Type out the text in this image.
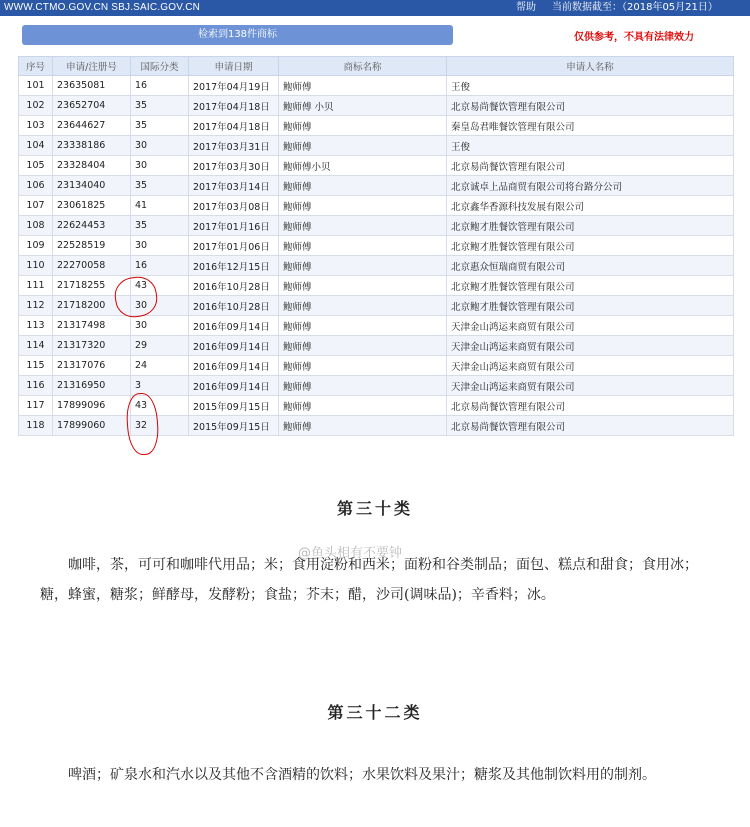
WWW.CTMO.GOV.CN SBJ.SAIC.GOV.CN	帮助 当前数据截至：（2018年05月21日）
检索到138件商标	仅供参考，不具有法律效力
序号	申请/注册号	国际分类	申请日期	商标名称	申请人名称
101	23635081	16	2017年04月19日	鲍师傅	王俊
102	23652704	35	2017年04月18日	鲍师傅 小贝	北京易尚餐饮管理有限公司
103	23644627	35	2017年04月18日	鲍师傅	秦皇岛君唯餐饮管理有限公司
104	23338186	30	2017年03月31日	鲍师傅	王俊
105	23328404	30	2017年03月30日	鲍师傅小贝	北京易尚餐饮管理有限公司
106	23134040	35	2017年03月14日	鲍师傅	北京诚卓上品商贸有限公司将台路分公司
107	23061825	41	2017年03月08日	鲍师傅	北京鑫华香源科技发展有限公司
108	22624453	35	2017年01月16日	鲍师傅	北京鲍才胜餐饮管理有限公司
109	22528519	30	2017年01月06日	鲍师傅	北京鲍才胜餐饮管理有限公司
110	22270058	16	2016年12月15日	鲍师傅	北京惠众恒瑞商贸有限公司
111	21718255	43	2016年10月28日	鲍师傅	北京鲍才胜餐饮管理有限公司
112	21718200	30	2016年10月28日	鲍师傅	北京鲍才胜餐饮管理有限公司
113	21317498	30	2016年09月14日	鲍师傅	天津金山鸿运来商贸有限公司
114	21317320	29	2016年09月14日	鲍师傅	天津金山鸿运来商贸有限公司
115	21317076	24	2016年09月14日	鲍师傅	天津金山鸿运来商贸有限公司
116	21316950	3	2016年09月14日	鲍师傅	天津金山鸿运来商贸有限公司
117	17899096	43	2015年09月15日	鲍师傅	北京易尚餐饮管理有限公司
118	17899060	32	2015年09月15日	鲍师傅	北京易尚餐饮管理有限公司
第三十类
咖啡，茶，可可和咖啡代用品；米；食用淀粉和西米；面粉和谷类制品；面包、糕点和甜食；食用冰；糖，蜂蜜，糖浆；鲜酵母，发酵粉；食盐；芥末；醋，沙司(调味品)；辛香料；冰。
@鱼头相有不要钟
第三十二类
啤酒；矿泉水和汽水以及其他不含酒精的饮料；水果饮料及果汁；糖浆及其他制饮料用的制剂。
